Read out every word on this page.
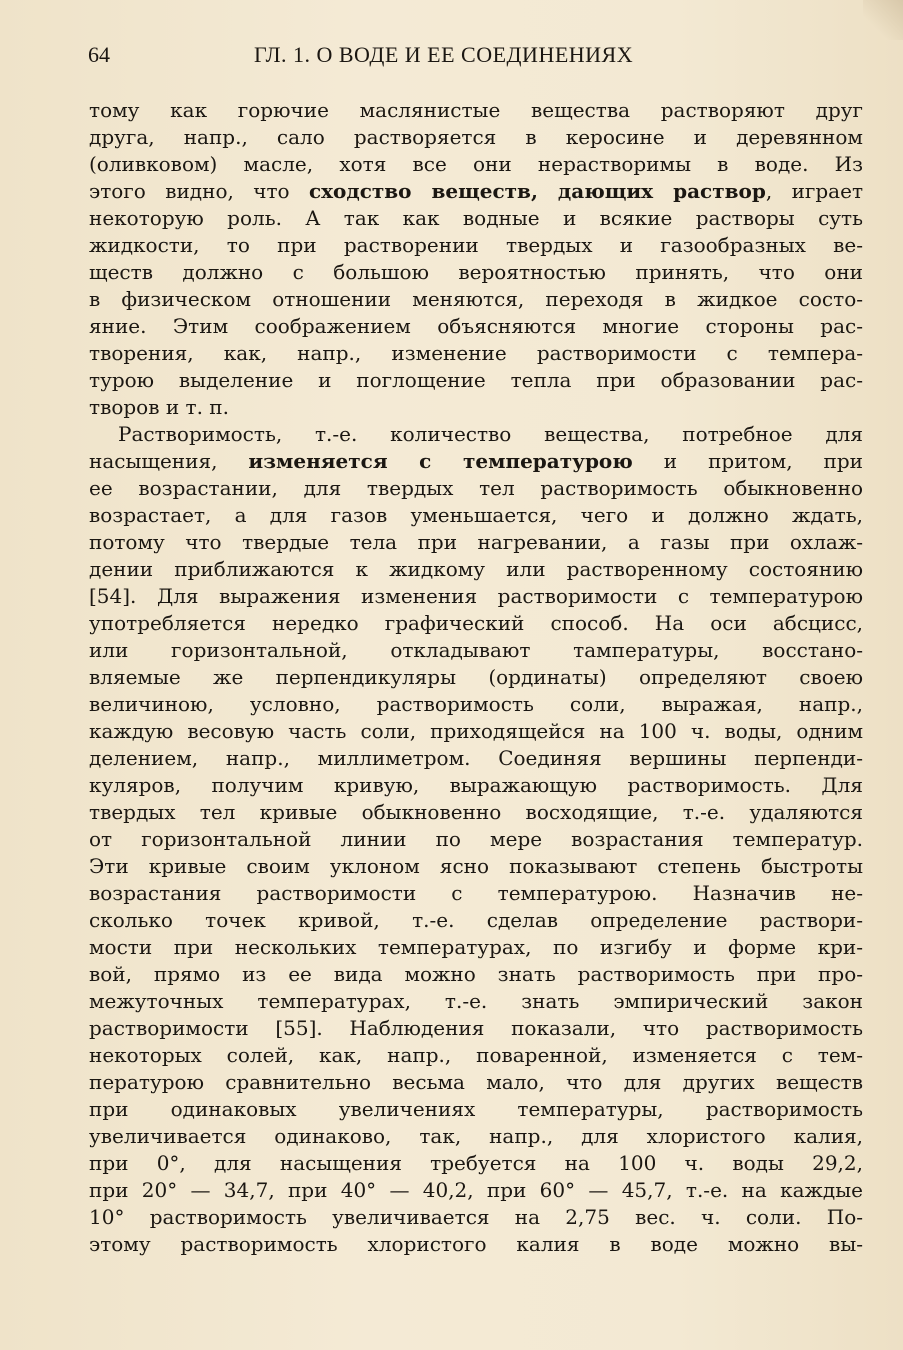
64	ГЛ. 1. О ВОДЕ И ЕЕ СОЕДИНЕНИЯХ
тому как горючие маслянистые вещества растворяют друг
друга, напр., сало растворяется в керосине и деревянном
(оливковом) масле, хотя все они нерастворимы в воде. Из
этого видно, что сходство веществ, дающих раствор, играет
некоторую роль. А так как водные и всякие растворы суть
жидкости, то при растворении твердых и газообразных ве-
ществ должно с большою вероятностью принять, что они
в физическом отношении меняются, переходя в жидкое состо-
яние. Этим соображением объясняются многие стороны рас-
творения, как, напр., изменение растворимости с темпера-
турою выделение и поглощение тепла при образовании рас-
творов и т. п.
Растворимость, т.-е. количество вещества, потребное для
насыщения, изменяется с температурою и притом, при
ее возрастании, для твердых тел растворимость обыкновенно
возрастает, а для газов уменьшается, чего и должно ждать,
потому что твердые тела при нагревании, а газы при охлаж-
дении приближаются к жидкому или растворенному состоянию
[54]. Для выражения изменения растворимости с температурою
употребляется нередко графический способ. На оси абсцисс,
или горизонтальной, откладывают тампературы, восстано-
вляемые же перпендикуляры (ординаты) определяют своею
величиною, условно, растворимость соли, выражая, напр.,
каждую весовую часть соли, приходящейся на 100 ч. воды, одним
делением, напр., миллиметром. Соединяя вершины перпенди-
куляров, получим кривую, выражающую растворимость. Для
твердых тел кривые обыкновенно восходящие, т.-е. удаляются
от горизонтальной линии по мере возрастания температур.
Эти кривые своим уклоном ясно показывают степень быстроты
возрастания растворимости с температурою. Назначив не-
сколько точек кривой, т.-е. сделав определение раствори-
мости при нескольких температурах, по изгибу и форме кри-
вой, прямо из ее вида можно знать растворимость при про-
межуточных температурах, т.-е. знать эмпирический закон
растворимости [55]. Наблюдения показали, что растворимость
некоторых солей, как, напр., поваренной, изменяется с тем-
пературою сравнительно весьма мало, что для других веществ
при одинаковых увеличениях температуры, растворимость
увеличивается одинаково, так, напр., для хлористого калия,
при 0°, для насыщения требуется на 100 ч. воды 29,2,
при 20° — 34,7, при 40° — 40,2, при 60° — 45,7, т.-е. на каждые
10° растворимость увеличивается на 2,75 вес. ч. соли. По-
этому растворимость хлористого калия в воде можно вы-
